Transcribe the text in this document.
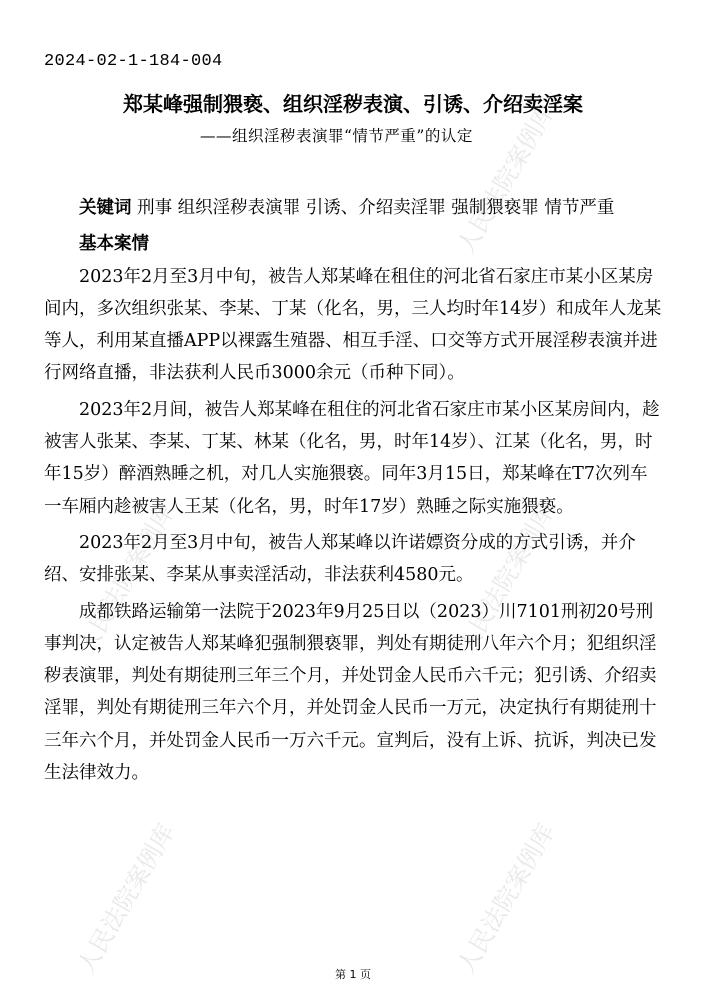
人民法院案例库
人民法院案例库	人民法院案例库
人民法院案例库	人民法院案例库
2024-02-1-184-004
郑某峰强制猥亵、组织淫秽表演、引诱、介绍卖淫案
——组织淫秽表演罪“情节严重”的认定

关键词 刑事 组织淫秽表演罪 引诱、介绍卖淫罪 强制猥亵罪 情节严重

基本案情

2023年2月至3月中旬，被告人郑某峰在租住的河北省石家庄市某小区某房间内，多次组织张某、李某、丁某（化名，男，三人均时年14岁）和成年人龙某等人，利用某直播APP以裸露生殖器、相互手淫、口交等方式开展淫秽表演并进行网络直播，非法获利人民币3000余元（币种下同）。

2023年2月间，被告人郑某峰在租住的河北省石家庄市某小区某房间内，趁被害人张某、李某、丁某、林某（化名，男，时年14岁）、江某（化名，男，时年15岁）醉酒熟睡之机，对几人实施猥亵。同年3月15日，郑某峰在T7次列车一车厢内趁被害人王某（化名，男，时年17岁）熟睡之际实施猥亵。

2023年2月至3月中旬，被告人郑某峰以许诺嫖资分成的方式引诱，并介绍、安排张某、李某从事卖淫活动，非法获利4580元。

成都铁路运输第一法院于2023年9月25日以（2023）川7101刑初20号刑事判决，认定被告人郑某峰犯强制猥亵罪，判处有期徒刑八年六个月；犯组织淫秽表演罪，判处有期徒刑三年三个月，并处罚金人民币六千元；犯引诱、介绍卖淫罪，判处有期徒刑三年六个月，并处罚金人民币一万元，决定执行有期徒刑十三年六个月，并处罚金人民币一万六千元。宣判后，没有上诉、抗诉，判决已发生法律效力。

第 1 页
